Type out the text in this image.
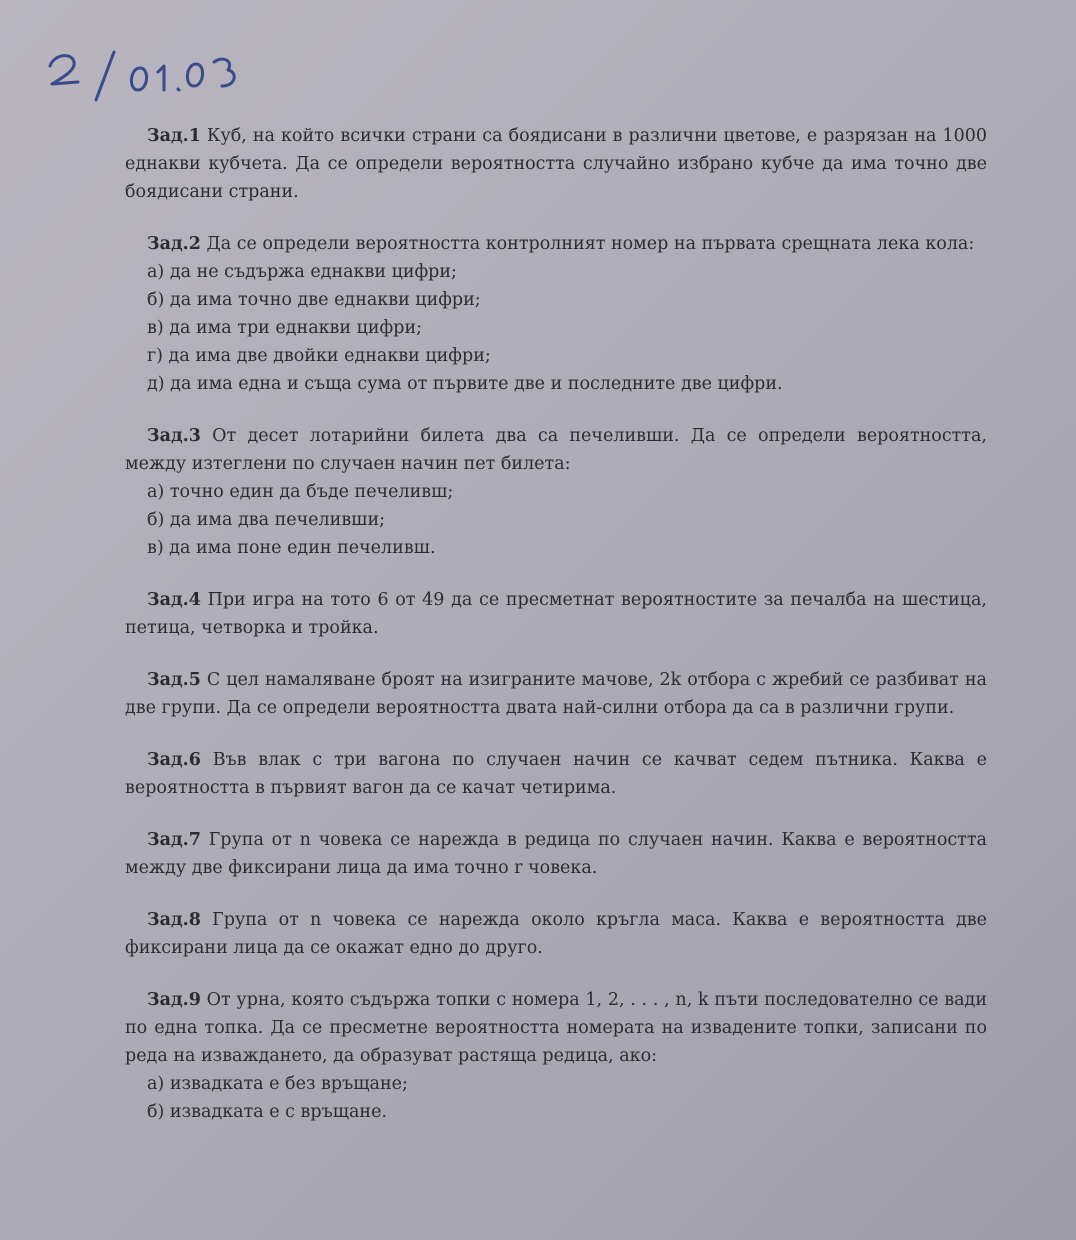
Зад.1 Куб, на който всички страни са боядисани в различни цветове, е разрязан на 1000 еднакви кубчета. Да се определи вероятността случайно избрано кубче да има точно две боядисани страни.

Зад.2 Да се определи вероятността контролният номер на първата срещната лека кола:

а) да не съдържа еднакви цифри;
б) да има точно две еднакви цифри;
в) да има три еднакви цифри;
г) да има две двойки еднакви цифри;
д) да има една и съща сума от първите две и последните две цифри.

Зад.3 От десет лотарийни билета два са печеливши. Да се определи вероятността, между изтеглени по случаен начин пет билета:

а) точно един да бъде печеливш;
б) да има два печеливши;
в) да има поне един печеливш.

Зад.4 При игра на тото 6 от 49 да се пресметнат вероятностите за печалба на шестица, петица, четворка и тройка.

Зад.5 С цел намаляване броят на изиграните мачове, 2k отбора с жребий се разбиват на две групи. Да се определи вероятността двата най-силни отбора да са в различни групи.

Зад.6 Във влак с три вагона по случаен начин се качват седем пътника. Каква е вероятността в първият вагон да се качат четирима.

Зад.7 Група от n човека се нарежда в редица по случаен начин. Каква е вероятността между две фиксирани лица да има точно r човека.

Зад.8 Група от n човека се нарежда около кръгла маса. Каква е вероятността две фиксирани лица да се окажат едно до друго.

Зад.9 От урна, която съдържа топки с номера 1, 2, . . . , n, k пъти последователно се вади по една топка. Да се пресметне вероятността номерата на извадените топки, записани по реда на изваждането, да образуват растяща редица, ако:

а) извадката е без връщане;
б) извадката е с връщане.
